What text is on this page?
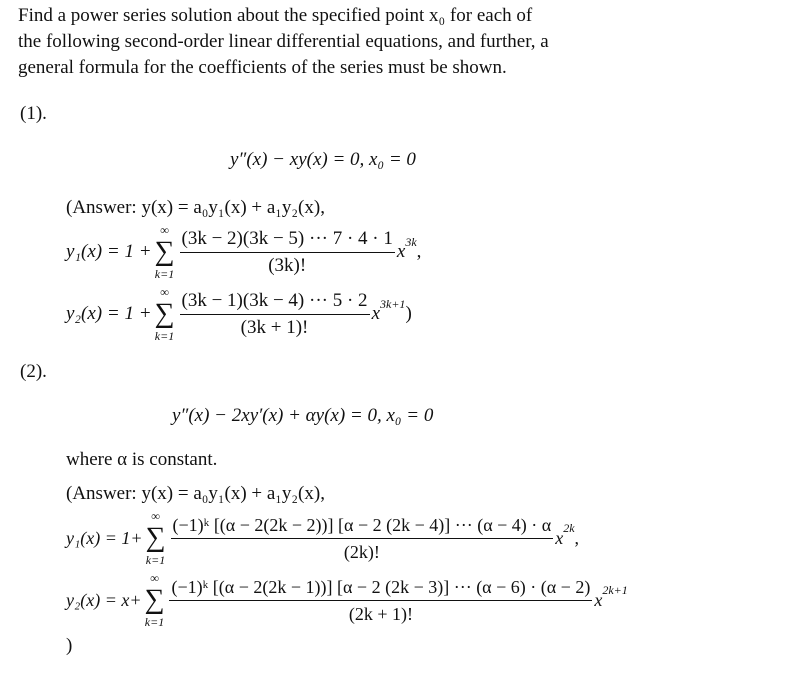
Find a power series solution about the specified point x₀ for each of
the following second-order linear differential equations, and further, a
general formula for the coefficients of the series must be shown.
(1).
y″(x) − xy(x) = 0, x₀ = 0
(Answer: y(x) = a₀y₁(x) + a₁y₂(x),
y₁(x) = 1 +
∞
∑
$k=1 \frac{(3k - 2)(3k - 5) \cdot\cdot\cdot 7 \cdot 4 \cdot 1}{(3k)!}$ x 3k ,
y₂(x) = 1 +
∞
∑
$k=1 \frac{(3k - 1)(3k - 4) \cdot\cdot\cdot 5 \cdot 2}{(3k + 1)!}$ x 3k+1 )
(2).
y″(x) − 2xy′(x) + αy(x) = 0, x₀ = 0
where α is constant.
(Answer: y(x) = a₀y₁(x) + a₁y₂(x),
y₁(x) = 1+
∞
∑
$k=1 \frac{\text{(−1)ᵏ [(α − 2(2k − 2))] [α − 2 (2k − 4)] ··· (α − 4) · α}}{(2k)!}$ x 2k ,
y₂(x) = x+
∞
∑
k=1
(−1)ᵏ [(α − 2(2k − 1))] [α − 2 (2k − 3)] ··· (α − 6) · (α − 2)
(2k + 1)!
x 2k+1
)
